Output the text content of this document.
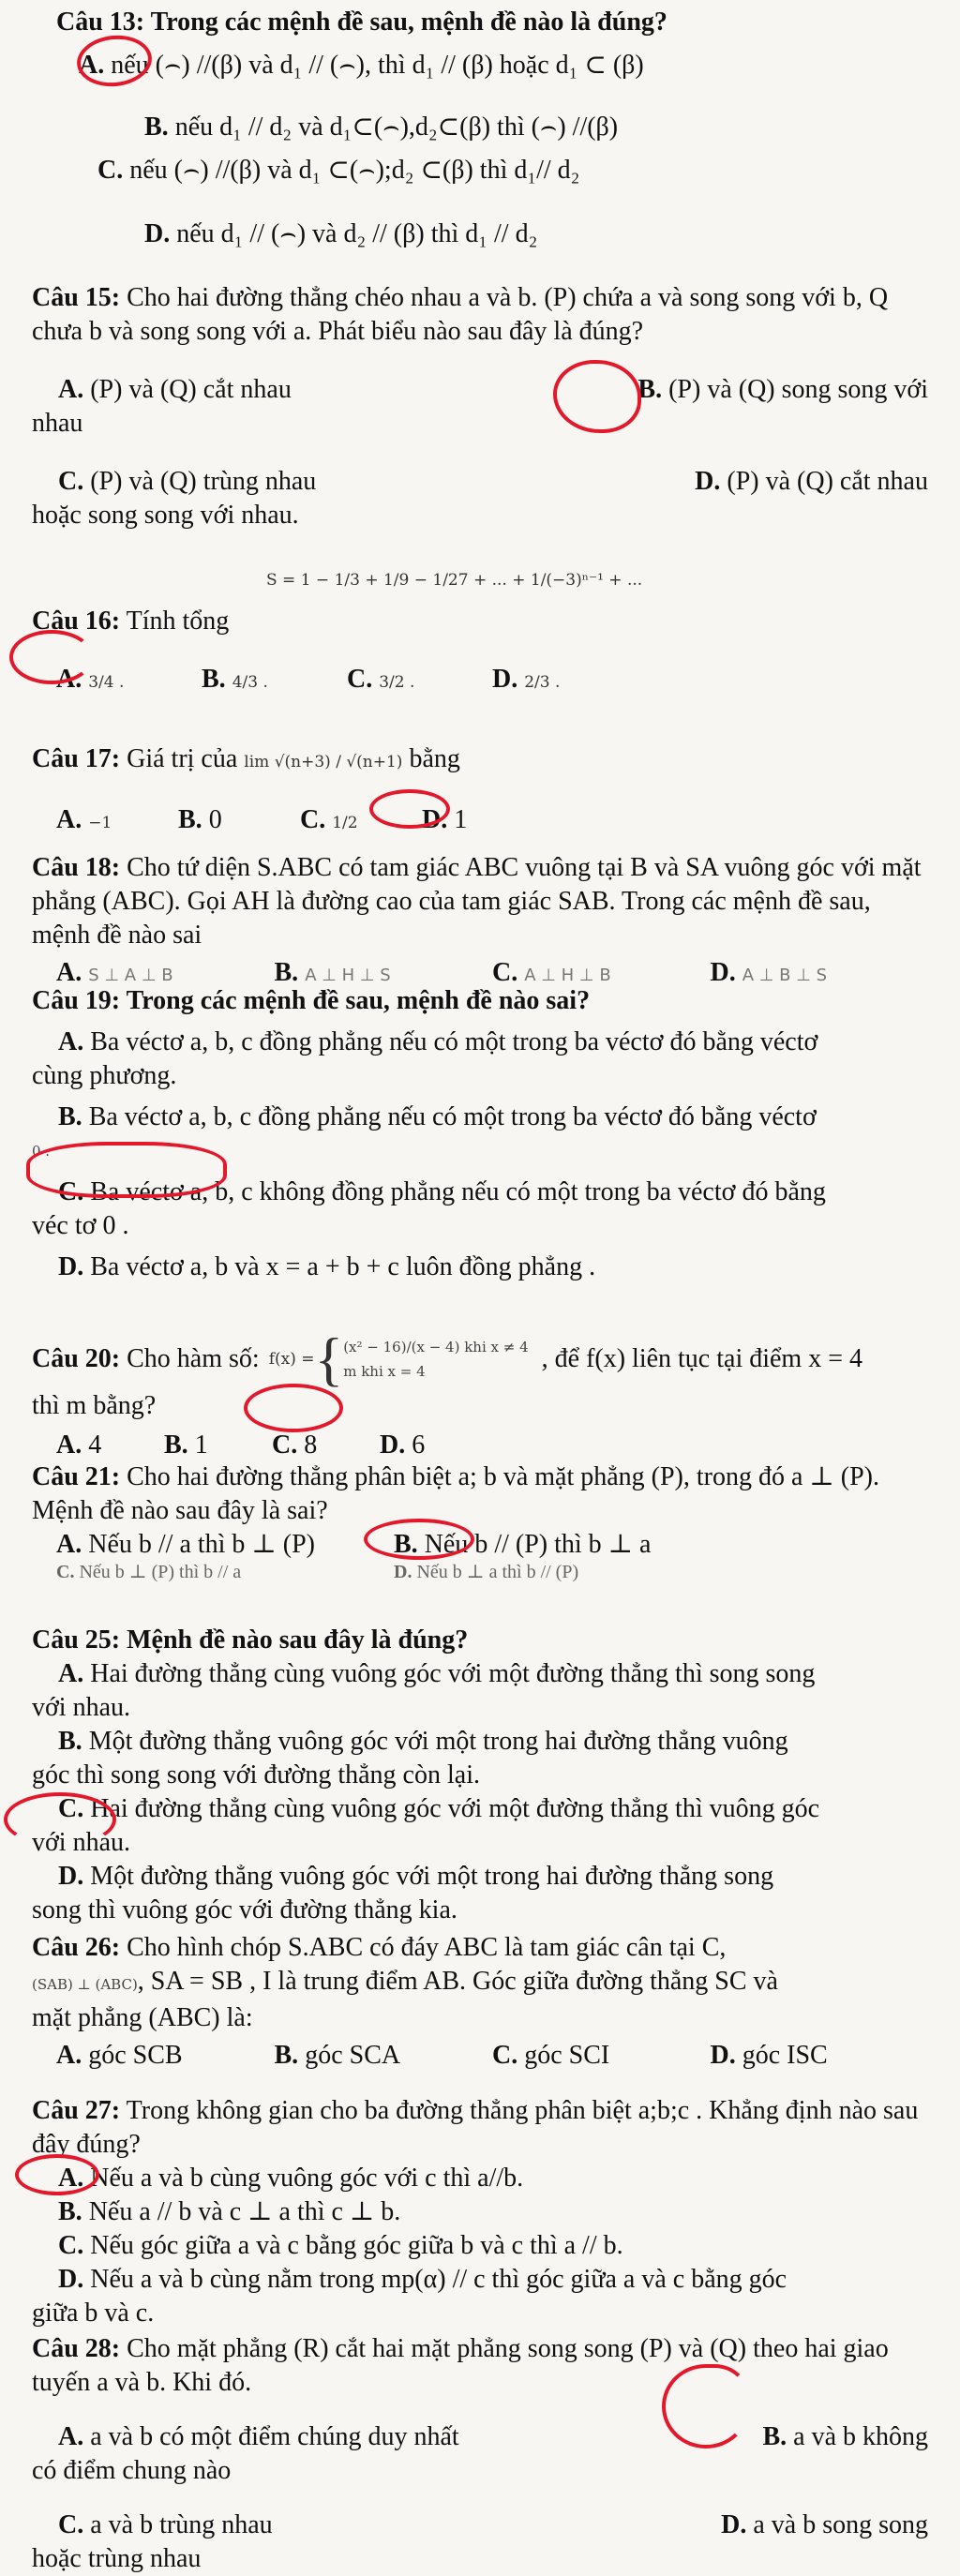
Câu 13: Trong các mệnh đề sau, mệnh đề nào là đúng?
A. nếu (⌢) //(β) và d₁ // (⌢), thì d₁ // (β) hoặc d₁ ⊂ (β)
B. nếu d₁ // d₂ và d₁⊂(⌢),d₂⊂(β) thì (⌢) //(β)
C. nếu (⌢) //(β) và d₁ ⊂(⌢);d₂ ⊂(β) thì d₁// d₂
D. nếu d₁ // (⌢) và d₂ // (β) thì d₁ // d₂
Câu 15: Cho hai đường thẳng chéo nhau a và b. (P) chứa a và song song với b, Q chưa b và song song với a. Phát biểu nào sau đây là đúng?
A. (P) và (Q) cắt nhau	B. (P) và (Q) song song với
nhau
C. (P) và (Q) trùng nhau	D. (P) và (Q) cắt nhau
hoặc song song với nhau.
S = 1 − 1/3 + 1/9 − 1/27 + ... + 1/(−3)ⁿ⁻¹ + ...
Câu 16: Tính tổng
A. 3/4 .	B. 4/3 .	C. 3/2 .	D. 2/3 .
Câu 17: Giá trị của lim √(n+3) / √(n+1) bằng
A. −1	B. 0	C. 1/2	D. 1
Câu 18: Cho tứ diện S.ABC có tam giác ABC vuông tại B và SA vuông góc với mặt phẳng (ABC). Gọi AH là đường cao của tam giác SAB. Trong các mệnh đề sau, mệnh đề nào sai
A. S ⊥ A ⊥ B	B. A ⊥ H ⊥ S	C. A ⊥ H ⊥ B	D. A ⊥ B ⊥ S
Câu 19: Trong các mệnh đề sau, mệnh đề nào sai?
A. Ba véctơ a, b, c đồng phẳng nếu có một trong ba véctơ đó bằng véctơ
cùng phương.
B. Ba véctơ a, b, c đồng phẳng nếu có một trong ba véctơ đó bằng véctơ
0 .
C. Ba véctơ a, b, c không đồng phẳng nếu có một trong ba véctơ đó bằng
véc tơ 0 .
D. Ba véctơ a, b và x = a + b + c luôn đồng phẳng .
Câu 20: Cho hàm số: f(x) = { (x² − 16)/(x − 4) khi x ≠ 4
m khi x = 4	, để f(x) liên tục tại điểm x = 4
thì m bằng?
A. 4	B. 1	C. 8	D. 6
Câu 21: Cho hai đường thẳng phân biệt a; b và mặt phẳng (P), trong đó a ⊥ (P). Mệnh đề nào sau đây là sai?
A. Nếu b // a thì b ⊥ (P)	B. Nếu b // (P) thì b ⊥ a
C. Nếu b ⊥ (P) thì b // a	D. Nếu b ⊥ a thì b // (P)
Câu 25: Mệnh đề nào sau đây là đúng?
A. Hai đường thẳng cùng vuông góc với một đường thẳng thì song song
với nhau.
B. Một đường thẳng vuông góc với một trong hai đường thẳng vuông
góc thì song song với đường thẳng còn lại.
C. Hai đường thẳng cùng vuông góc với một đường thẳng thì vuông góc
với nhau.
D. Một đường thẳng vuông góc với một trong hai đường thẳng song
song thì vuông góc với đường thẳng kia.
Câu 26: Cho hình chóp S.ABC có đáy ABC là tam giác cân tại C,
(SAB) ⊥ (ABC), SA = SB , I là trung điểm AB. Góc giữa đường thẳng SC và
mặt phẳng (ABC) là:
A. góc SCB	B. góc SCA	C. góc SCI	D. góc ISC
Câu 27: Trong không gian cho ba đường thẳng phân biệt a;b;c . Khẳng định nào sau đây đúng?
A. Nếu a và b cùng vuông góc với c thì a//b.
B. Nếu a // b và c ⊥ a thì c ⊥ b.
C. Nếu góc giữa a và c bằng góc giữa b và c thì a // b.
D. Nếu a và b cùng nằm trong mp(α) // c thì góc giữa a và c bằng góc
giữa b và c.
Câu 28: Cho mặt phẳng (R) cắt hai mặt phẳng song song (P) và (Q) theo hai giao tuyến a và b. Khi đó.
A. a và b có một điểm chúng duy nhất	B. a và b không
có điểm chung nào
C. a và b trùng nhau	D. a và b song song
hoặc trùng nhau
